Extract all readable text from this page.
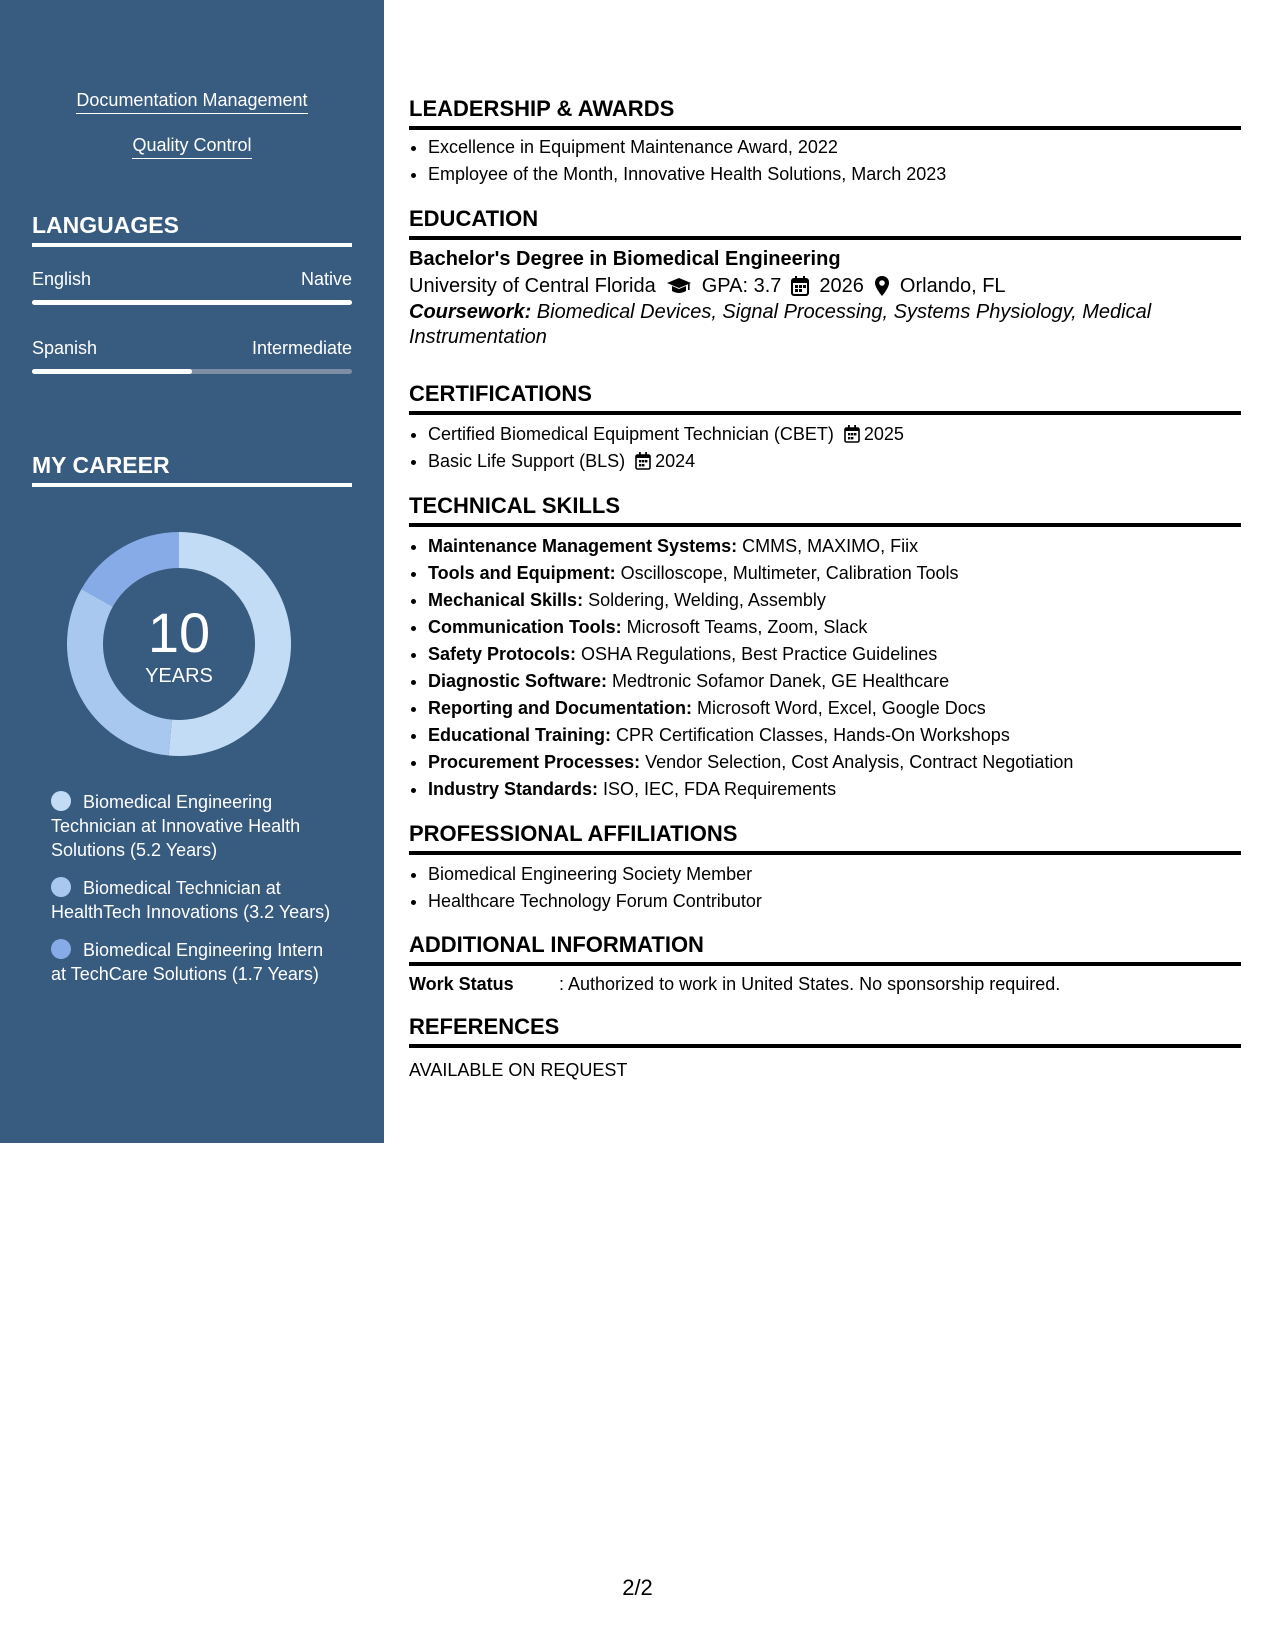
Documentation Management
Quality Control
LANGUAGES
English	Native
Spanish	Intermediate
MY CAREER
10
YEARS
Biomedical Engineering Technician at Innovative Health Solutions (5.2 Years)
Biomedical Technician at HealthTech Innovations (3.2 Years)
Biomedical Engineering Intern at TechCare Solutions (1.7 Years)
LEADERSHIP & AWARDS
• Excellence in Equipment Maintenance Award, 2022
• Employee of the Month, Innovative Health Solutions, March 2023
EDUCATION
Bachelor's Degree in Biomedical Engineering
University of Central Florida GPA: 3.7 2026 Orlando, FL
Coursework: Biomedical Devices, Signal Processing, Systems Physiology, Medical Instrumentation
CERTIFICATIONS
• Certified Biomedical Equipment Technician (CBET) 2025
• Basic Life Support (BLS) 2024
TECHNICAL SKILLS
• Maintenance Management Systems: CMMS, MAXIMO, Fiix
• Tools and Equipment: Oscilloscope, Multimeter, Calibration Tools
• Mechanical Skills: Soldering, Welding, Assembly
• Communication Tools: Microsoft Teams, Zoom, Slack
• Safety Protocols: OSHA Regulations, Best Practice Guidelines
• Diagnostic Software: Medtronic Sofamor Danek, GE Healthcare
• Reporting and Documentation: Microsoft Word, Excel, Google Docs
• Educational Training: CPR Certification Classes, Hands-On Workshops
• Procurement Processes: Vendor Selection, Cost Analysis, Contract Negotiation
• Industry Standards: ISO, IEC, FDA Requirements
PROFESSIONAL AFFILIATIONS
• Biomedical Engineering Society Member
• Healthcare Technology Forum Contributor
ADDITIONAL INFORMATION
Work Status	: Authorized to work in United States. No sponsorship required.
REFERENCES
AVAILABLE ON REQUEST
2/2
